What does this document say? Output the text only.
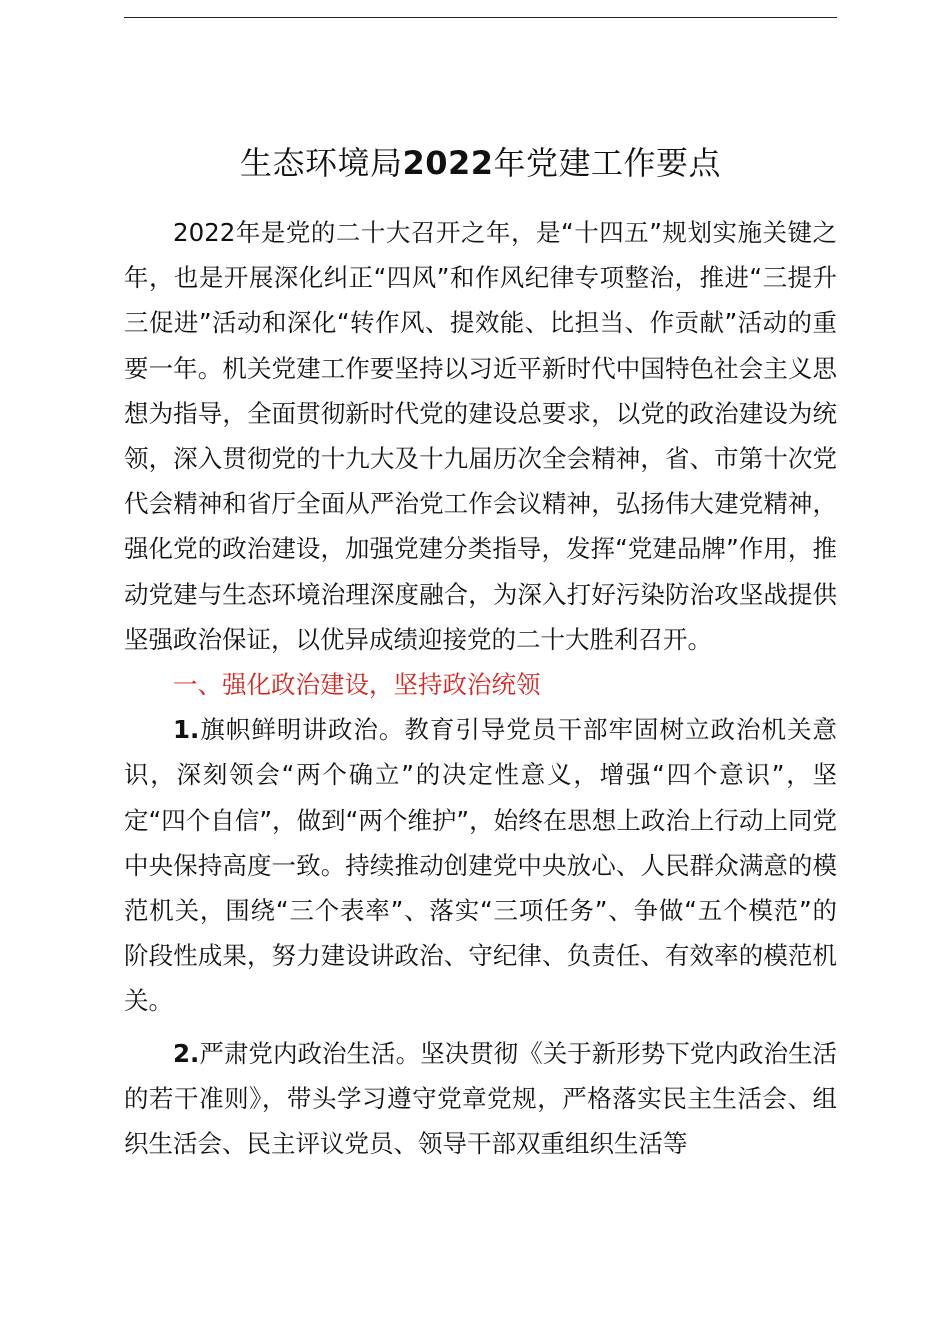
生态环境局2022年党建工作要点

2022年是党的二十大召开之年，是“十四五”规划实施关键之年，也是开展深化纠正“四风”和作风纪律专项整治，推进“三提升三促进”活动和深化“转作风、提效能、比担当、作贡献”活动的重要一年。机关党建工作要坚持以习近平新时代中国特色社会主义思想为指导，全面贯彻新时代党的建设总要求，以党的政治建设为统领，深入贯彻党的十九大及十九届历次全会精神，省、市第十次党代会精神和省厅全面从严治党工作会议精神，弘扬伟大建党精神，强化党的政治建设，加强党建分类指导，发挥“党建品牌”作用，推动党建与生态环境治理深度融合，为深入打好污染防治攻坚战提供坚强政治保证，以优异成绩迎接党的二十大胜利召开。

一、强化政治建设，坚持政治统领

1.旗帜鲜明讲政治。教育引导党员干部牢固树立政治机关意识，深刻领会“两个确立”的决定性意义，增强“四个意识”，坚定“四个自信”，做到“两个维护”，始终在思想上政治上行动上同党中央保持高度一致。持续推动创建党中央放心、人民群众满意的模范机关，围绕“三个表率”、落实“三项任务”、争做“五个模范”的阶段性成果，努力建设讲政治、守纪律、负责任、有效率的模范机关。

2.严肃党内政治生活。坚决贯彻《关于新形势下党内政治生活的若干准则》，带头学习遵守党章党规，严格落实民主生活会、组织生活会、民主评议党员、领导干部双重组织生活等
